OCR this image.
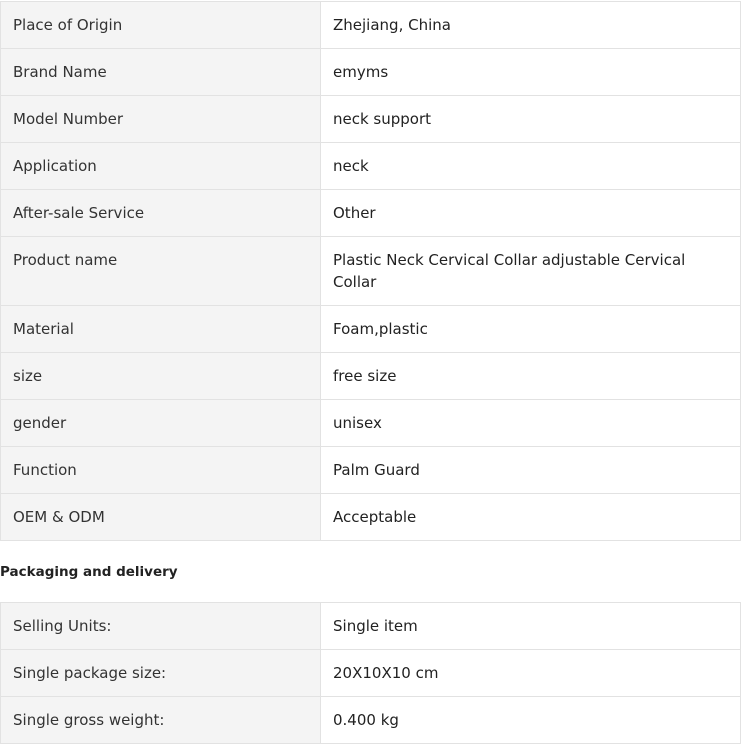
Place of Origin	Zhejiang, China
Brand Name	emyms
Model Number	neck support
Application	neck
After-sale Service	Other
Product name	Plastic Neck Cervical Collar adjustable Cervical Collar
Material	Foam,plastic
size	free size
gender	unisex
Function	Palm Guard
OEM & ODM	Acceptable
Packaging and delivery
Selling Units:	Single item
Single package size:	20X10X10 cm
Single gross weight:	0.400 kg
